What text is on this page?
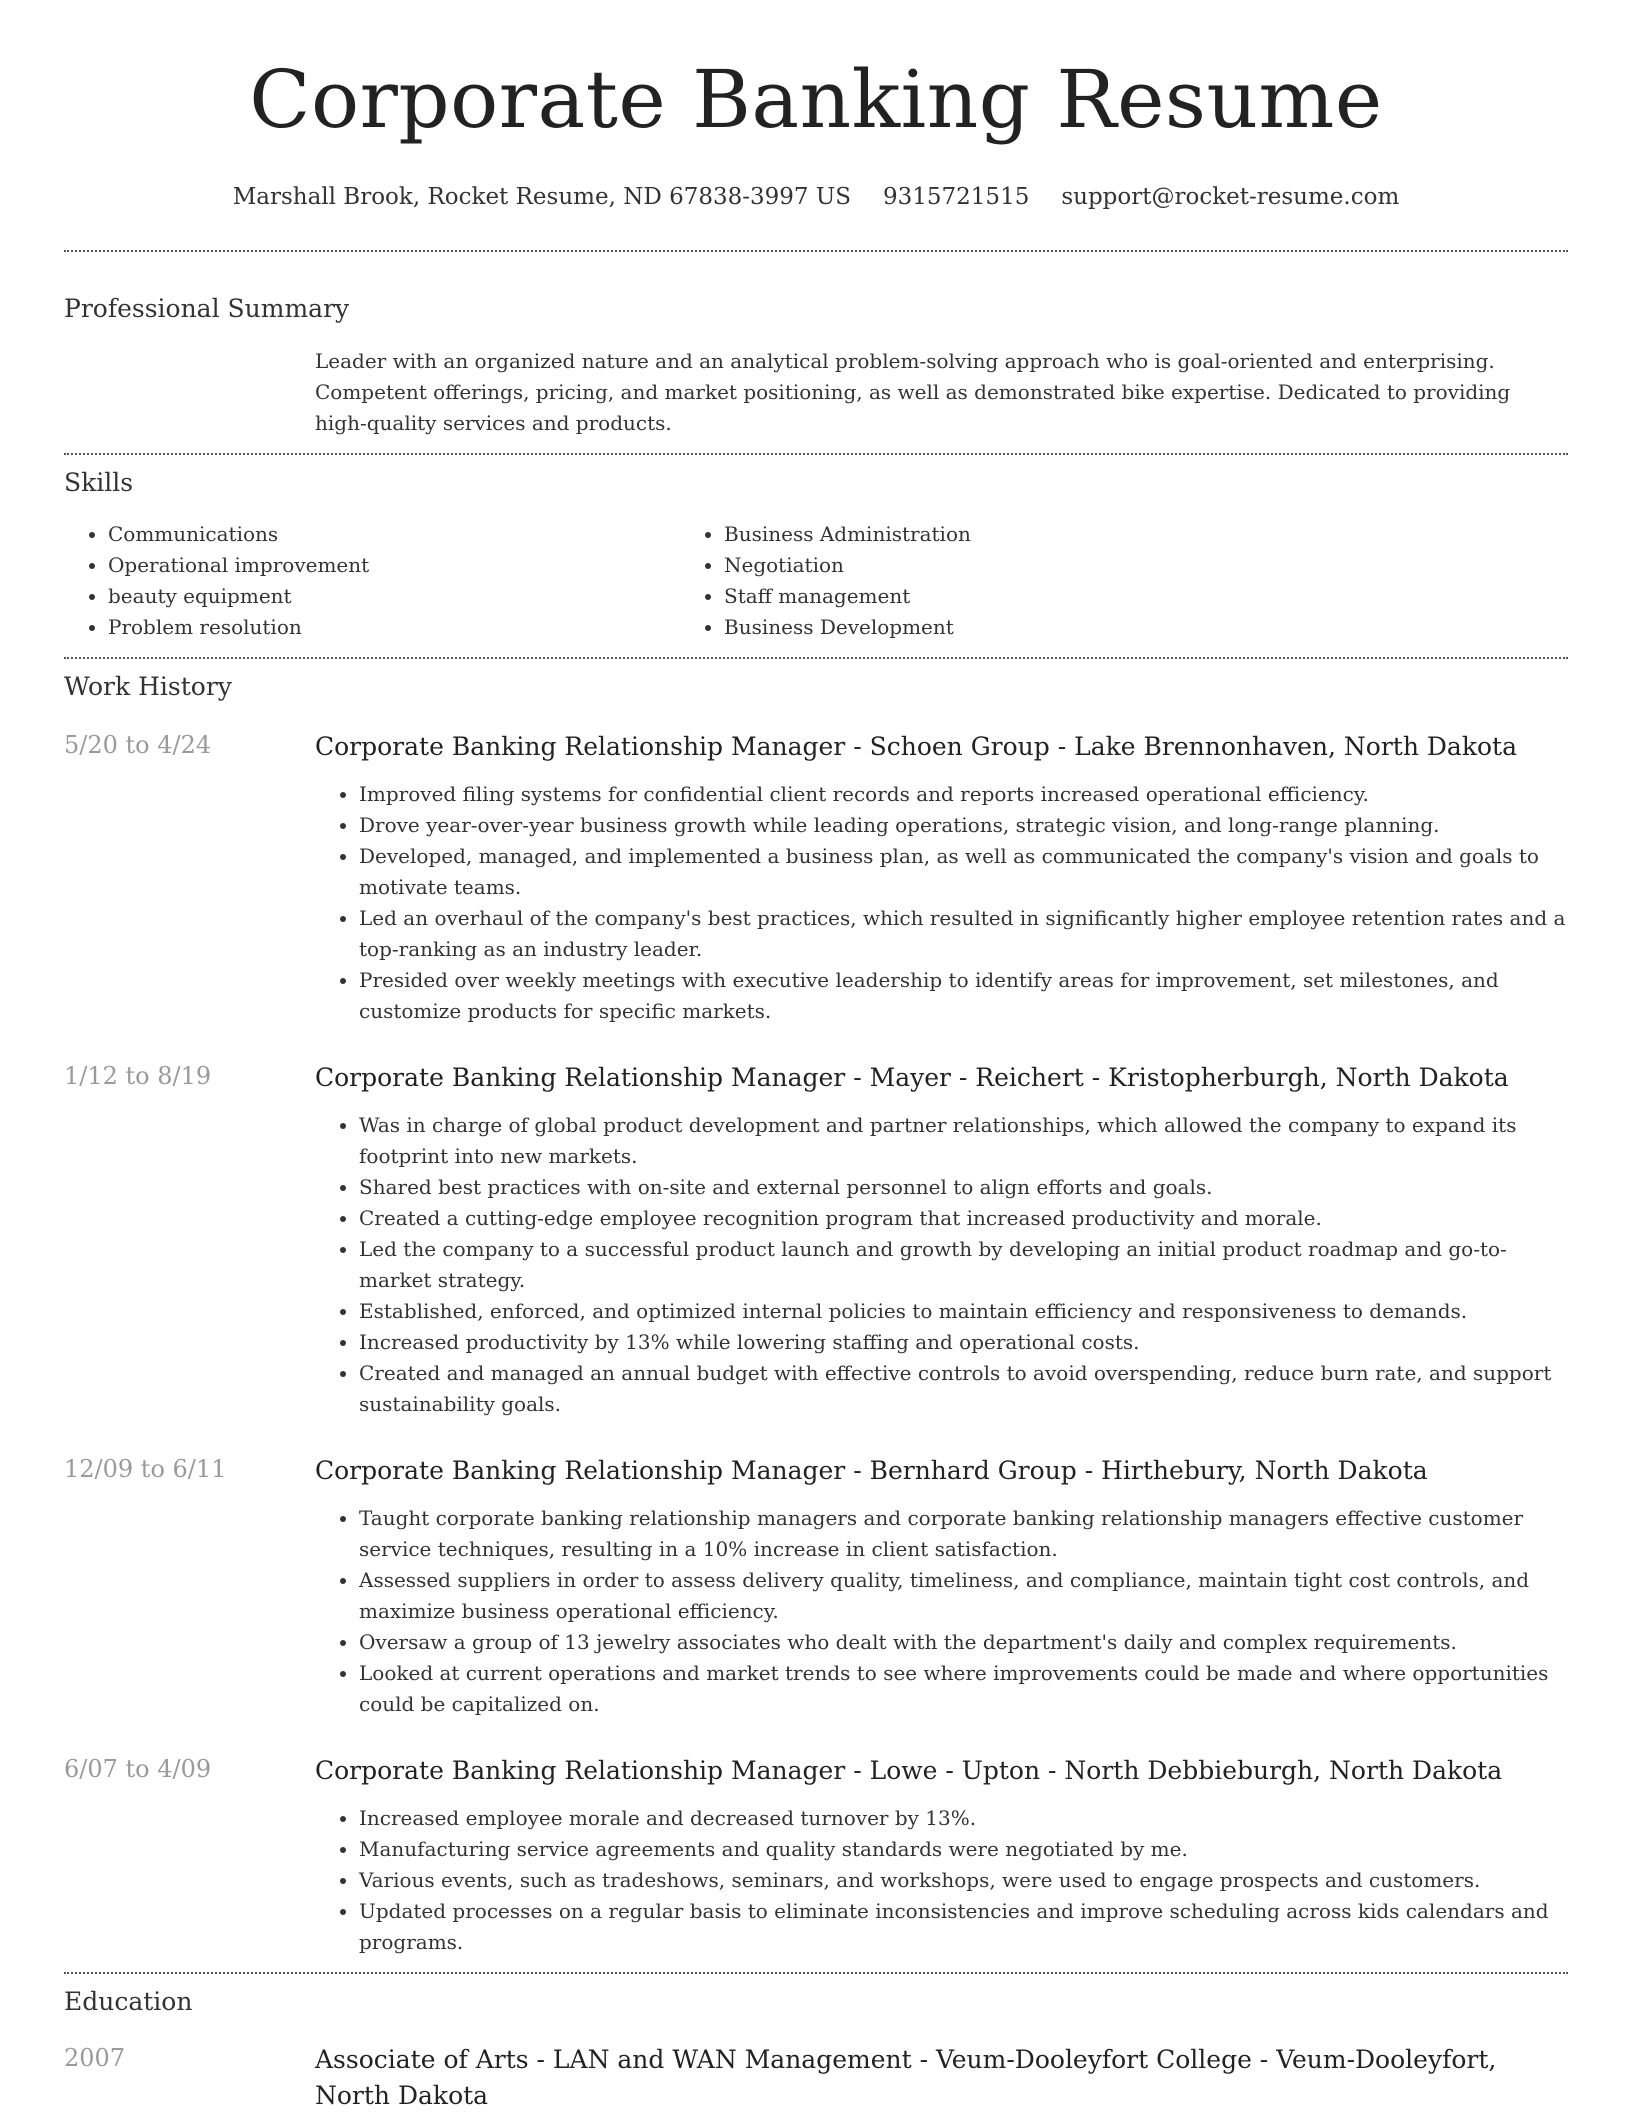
Corporate Banking Resume
Marshall Brook, Rocket Resume, ND 67838-3997 US 9315721515 support@rocket-resume.com
Professional Summary

Leader with an organized nature and an analytical problem-solving approach who is goal-oriented and enterprising. Competent offerings, pricing, and market positioning, as well as demonstrated bike expertise. Dedicated to providing high-quality services and products.

Skills
• Communications
• Operational improvement
• beauty equipment
• Problem resolution
• Business Administration
• Negotiation
• Staff management
• Business Development
Work History
5/20 to 4/24	Corporate Banking Relationship Manager - Schoen Group - Lake Brennonhaven, North Dakota
• Improved filing systems for confidential client records and reports increased operational efficiency.
• Drove year-over-year business growth while leading operations, strategic vision, and long-range planning.
• Developed, managed, and implemented a business plan, as well as communicated the company's vision and goals to motivate teams.
• Led an overhaul of the company's best practices, which resulted in significantly higher employee retention rates and a top-ranking as an industry leader.
• Presided over weekly meetings with executive leadership to identify areas for improvement, set milestones, and customize products for specific markets.
1/12 to 8/19	Corporate Banking Relationship Manager - Mayer - Reichert - Kristopherburgh, North Dakota
• Was in charge of global product development and partner relationships, which allowed the company to expand its footprint into new markets.
• Shared best practices with on-site and external personnel to align efforts and goals.
• Created a cutting-edge employee recognition program that increased productivity and morale.
• Led the company to a successful product launch and growth by developing an initial product roadmap and go-to-market strategy.
• Established, enforced, and optimized internal policies to maintain efficiency and responsiveness to demands.
• Increased productivity by 13% while lowering staffing and operational costs.
• Created and managed an annual budget with effective controls to avoid overspending, reduce burn rate, and support sustainability goals.
12/09 to 6/11	Corporate Banking Relationship Manager - Bernhard Group - Hirthebury, North Dakota
• Taught corporate banking relationship managers and corporate banking relationship managers effective customer service techniques, resulting in a 10% increase in client satisfaction.
• Assessed suppliers in order to assess delivery quality, timeliness, and compliance, maintain tight cost controls, and maximize business operational efficiency.
• Oversaw a group of 13 jewelry associates who dealt with the department's daily and complex requirements.
• Looked at current operations and market trends to see where improvements could be made and where opportunities could be capitalized on.
6/07 to 4/09	Corporate Banking Relationship Manager - Lowe - Upton - North Debbieburgh, North Dakota
• Increased employee morale and decreased turnover by 13%.
• Manufacturing service agreements and quality standards were negotiated by me.
• Various events, such as tradeshows, seminars, and workshops, were used to engage prospects and customers.
• Updated processes on a regular basis to eliminate inconsistencies and improve scheduling across kids calendars and programs.
Education
2007	Associate of Arts - LAN and WAN Management - Veum-Dooleyfort College - Veum-Dooleyfort, North Dakota
